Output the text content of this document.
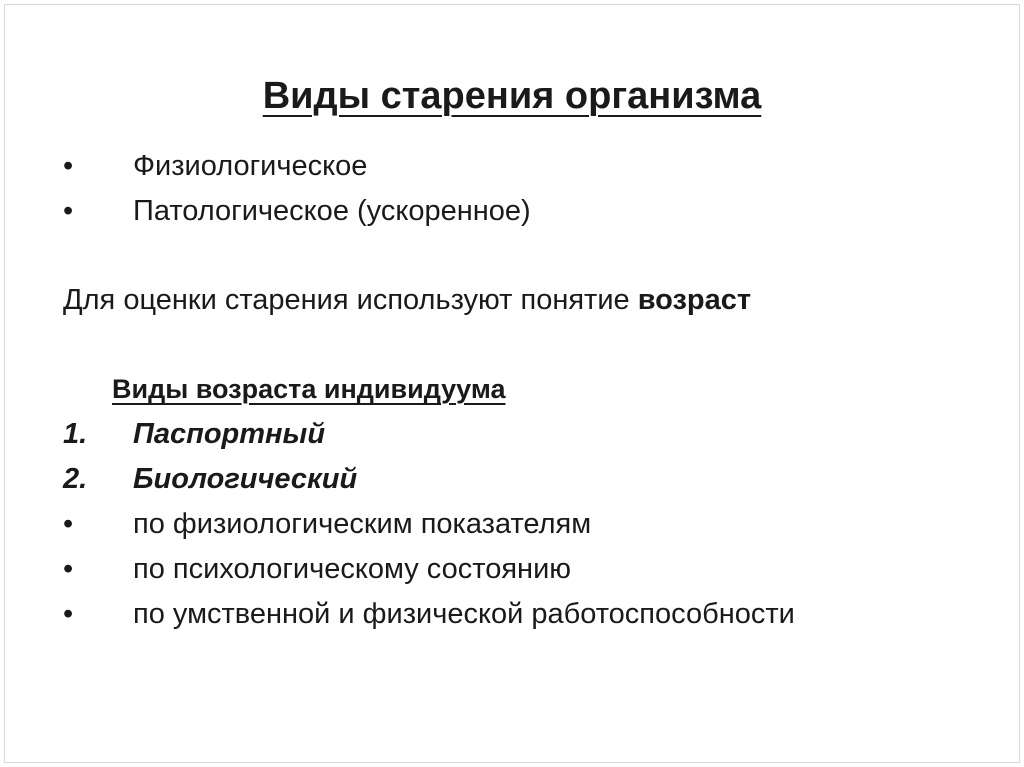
Виды старения организма
• Физиологическое
• Патологическое (ускоренное)
Для оценки старения используют понятие возраст
Виды возраста индивидуума
1. Паспортный
2. Биологический
• по физиологическим показателям
• по психологическому состоянию
• по умственной и физической работоспособности
